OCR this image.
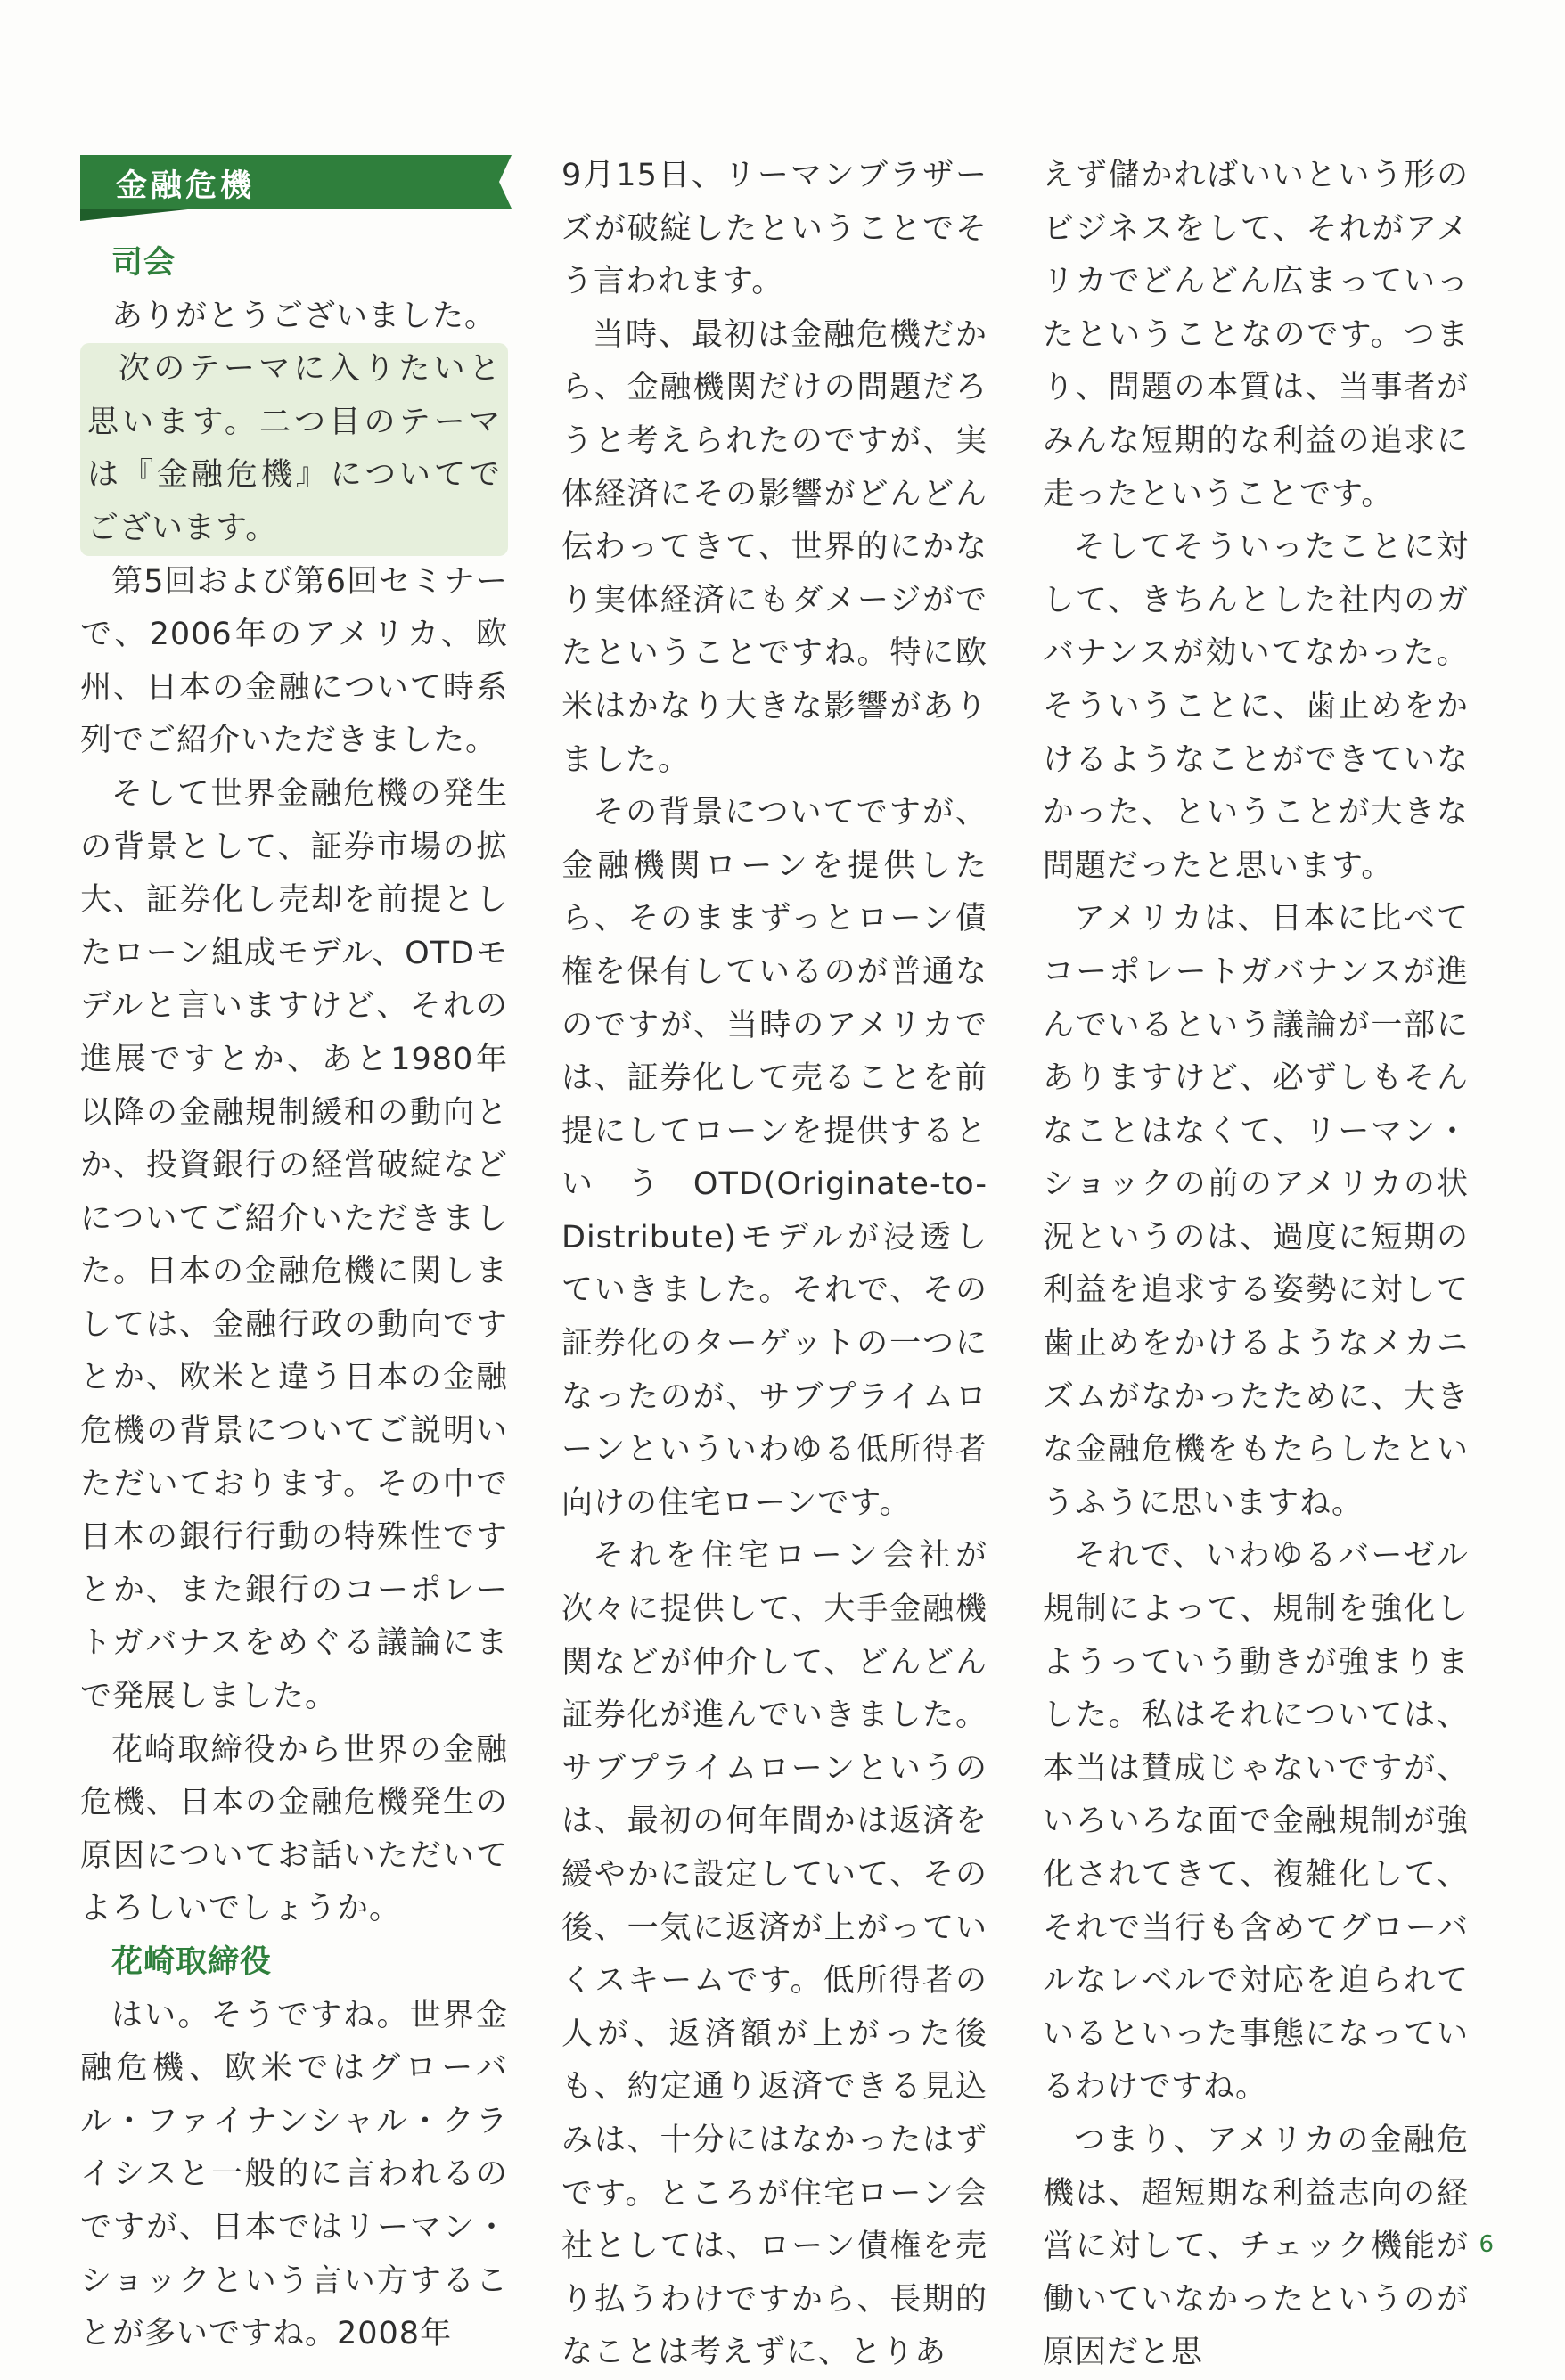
金融危機

司会

ありがとうございました。

次のテーマに入りたいと思います。二つ目のテーマは『金融危機』についてでございます。

第5回および第6回セミナーで、2006年のアメリカ、欧州、日本の金融について時系列でご紹介いただきました。

そして世界金融危機の発生の背景として、証券市場の拡大、証券化し売却を前提としたローン組成モデル、OTDモデルと言いますけど、それの進展ですとか、あと1980年以降の金融規制緩和の動向とか、投資銀行の経営破綻などについてご紹介いただきました。日本の金融危機に関しましては、金融行政の動向ですとか、欧米と違う日本の金融危機の背景についてご説明いただいております。その中で日本の銀行行動の特殊性ですとか、また銀行のコーポレートガバナスをめぐる議論にまで発展しました。

花崎取締役から世界の金融危機、日本の金融危機発生の原因についてお話いただいてよろしいでしょうか。

花崎取締役

はい。そうですね。世界金融危機、欧米ではグローバル・ファイナンシャル・クライシスと一般的に言われるのですが、日本ではリーマン・ショックという言い方することが多いですね。2008年

9月15日、リーマンブラザーズが破綻したということでそう言われます。

当時、最初は金融危機だから、金融機関だけの問題だろうと考えられたのですが、実体経済にその影響がどんどん伝わってきて、世界的にかなり実体経済にもダメージがでたということですね。特に欧米はかなり大きな影響がありました。

その背景についてですが、金融機関ローンを提供したら、そのままずっとローン債権を保有しているのが普通なのですが、当時のアメリカでは、証券化して売ることを前提にしてローンを提供するというOTD(Originate-to-Distribute)モデルが浸透していきました。それで、その証券化のターゲットの一つになったのが、サブプライムローンといういわゆる低所得者向けの住宅ローンです。

それを住宅ローン会社が次々に提供して、大手金融機関などが仲介して、どんどん証券化が進んでいきました。サブプライムローンというのは、最初の何年間かは返済を緩やかに設定していて、その後、一気に返済が上がっていくスキームです。低所得者の人が、返済額が上がった後も、約定通り返済できる見込みは、十分にはなかったはずです。ところが住宅ローン会社としては、ローン債権を売り払うわけですから、長期的なことは考えずに、とりあ

えず儲かればいいという形のビジネスをして、それがアメリカでどんどん広まっていったということなのです。つまり、問題の本質は、当事者がみんな短期的な利益の追求に走ったということです。

そしてそういったことに対して、きちんとした社内のガバナンスが効いてなかった。そういうことに、歯止めをかけるようなことができていなかった、ということが大きな問題だったと思います。

アメリカは、日本に比べてコーポレートガバナンスが進んでいるという議論が一部にありますけど、必ずしもそんなことはなくて、リーマン・ショックの前のアメリカの状況というのは、過度に短期の利益を追求する姿勢に対して歯止めをかけるようなメカニズムがなかったために、大きな金融危機をもたらしたというふうに思いますね。

それで、いわゆるバーゼル規制によって、規制を強化しようっていう動きが強まりました。私はそれについては、本当は賛成じゃないですが、いろいろな面で金融規制が強化されてきて、複雑化して、それで当行も含めてグローバルなレベルで対応を迫られているといった事態になっているわけですね。

つまり、アメリカの金融危機は、超短期な利益志向の経営に対して、チェック機能が働いていなかったというのが原因だと思

6
